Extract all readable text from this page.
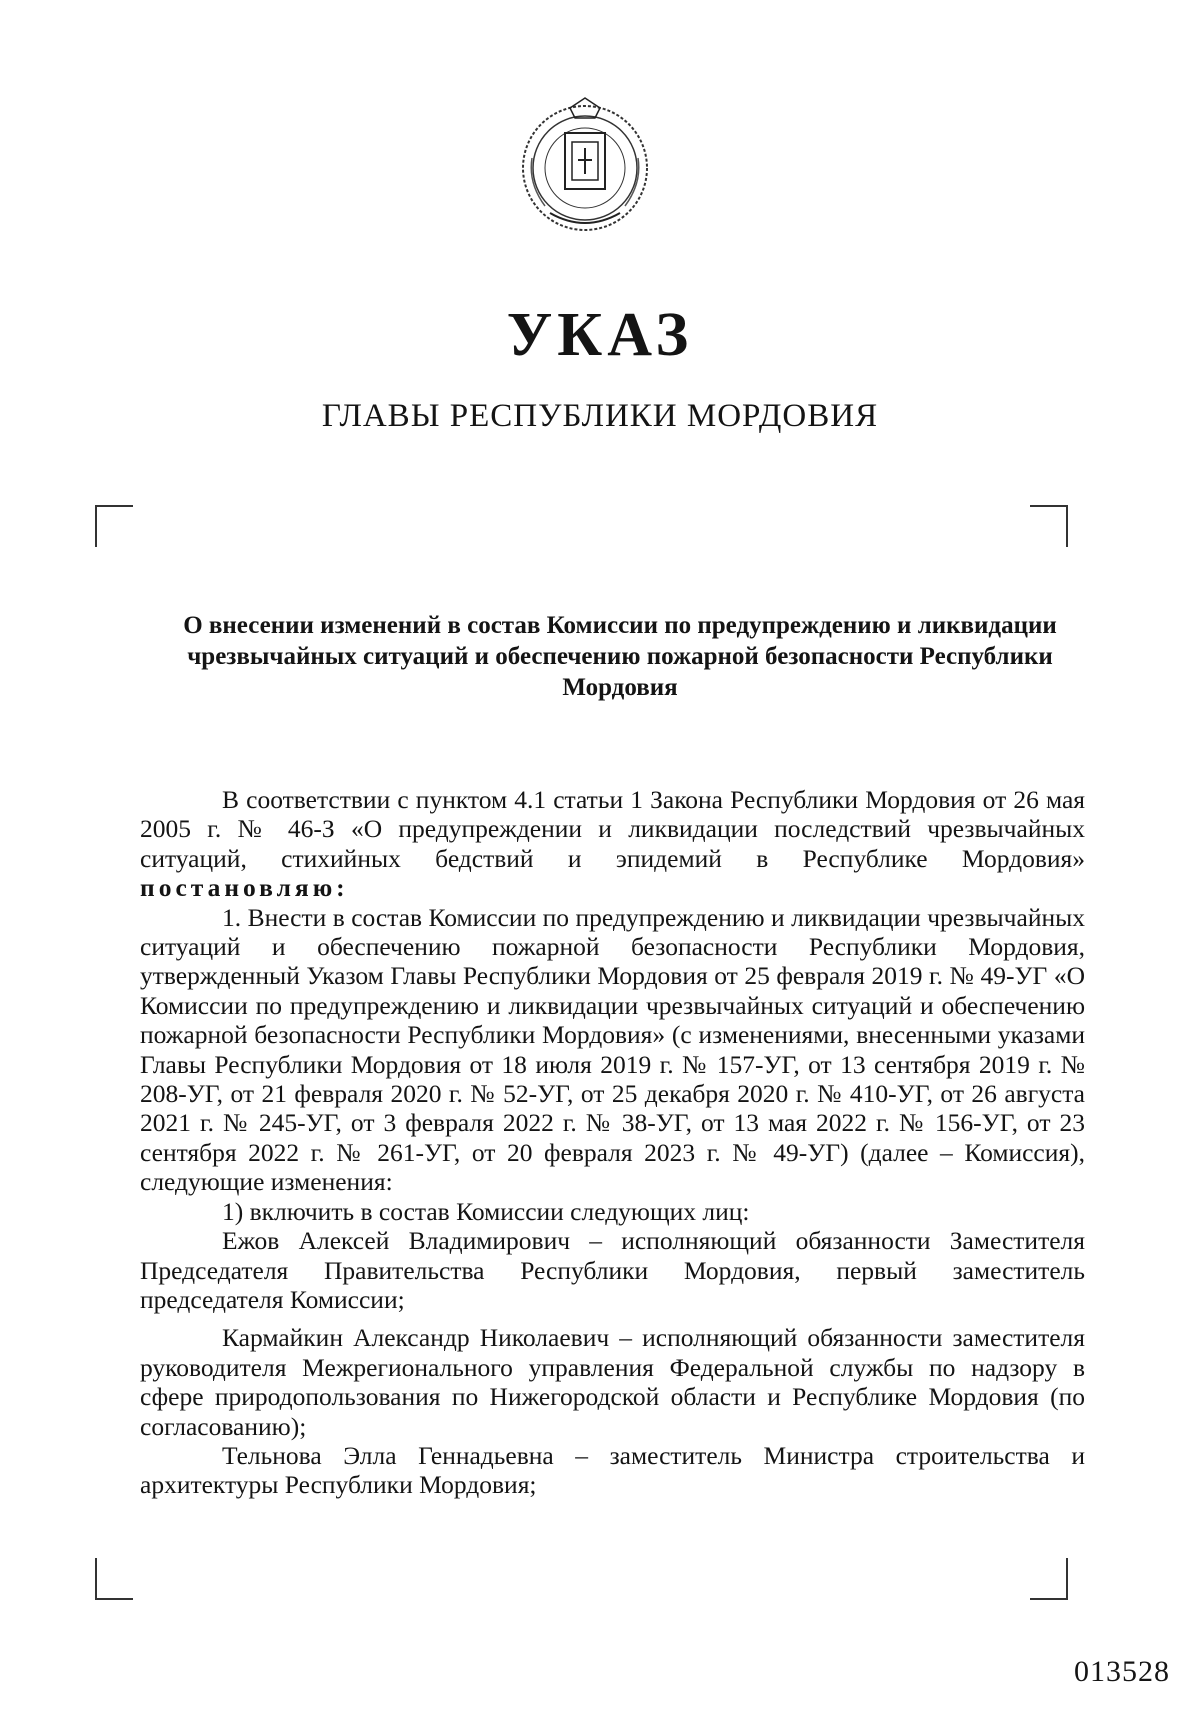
УКАЗ
ГЛАВЫ РЕСПУБЛИКИ МОРДОВИЯ
О внесении изменений в состав Комиссии по предупреждению и ликвидации чрезвычайных ситуаций и обеспечению пожарной безопасности Республики Мордовия

В соответствии с пунктом 4.1 статьи 1 Закона Республики Мордовия от 26 мая 2005 г. № 46-З «О предупреждении и ликвидации последствий чрезвычайных ситуаций, стихийных бедствий и эпидемий в Республике Мордовия» постановляю:

1. Внести в состав Комиссии по предупреждению и ликвидации чрезвычайных ситуаций и обеспечению пожарной безопасности Республики Мордовия, утвержденный Указом Главы Республики Мордовия от 25 февраля 2019 г. № 49-УГ «О Комиссии по предупреждению и ликвидации чрезвычайных ситуаций и обеспечению пожарной безопасности Республики Мордовия» (с изменениями, внесенными указами Главы Республики Мордовия от 18 июля 2019 г. № 157-УГ, от 13 сентября 2019 г. № 208-УГ, от 21 февраля 2020 г. № 52-УГ, от 25 декабря 2020 г. № 410-УГ, от 26 августа 2021 г. № 245-УГ, от 3 февраля 2022 г. № 38-УГ, от 13 мая 2022 г. № 156-УГ, от 23 сентября 2022 г. № 261-УГ, от 20 февраля 2023 г. № 49-УГ) (далее – Комиссия), следующие изменения:

1) включить в состав Комиссии следующих лиц:

Ежов Алексей Владимирович – исполняющий обязанности Заместителя Председателя Правительства Республики Мордовия, первый заместитель председателя Комиссии;

Кармайкин Александр Николаевич – исполняющий обязанности заместителя руководителя Межрегионального управления Федеральной службы по надзору в сфере природопользования по Нижегородской области и Республике Мордовия (по согласованию);

Тельнова Элла Геннадьевна – заместитель Министра строительства и архитектуры Республики Мордовия;

013528
